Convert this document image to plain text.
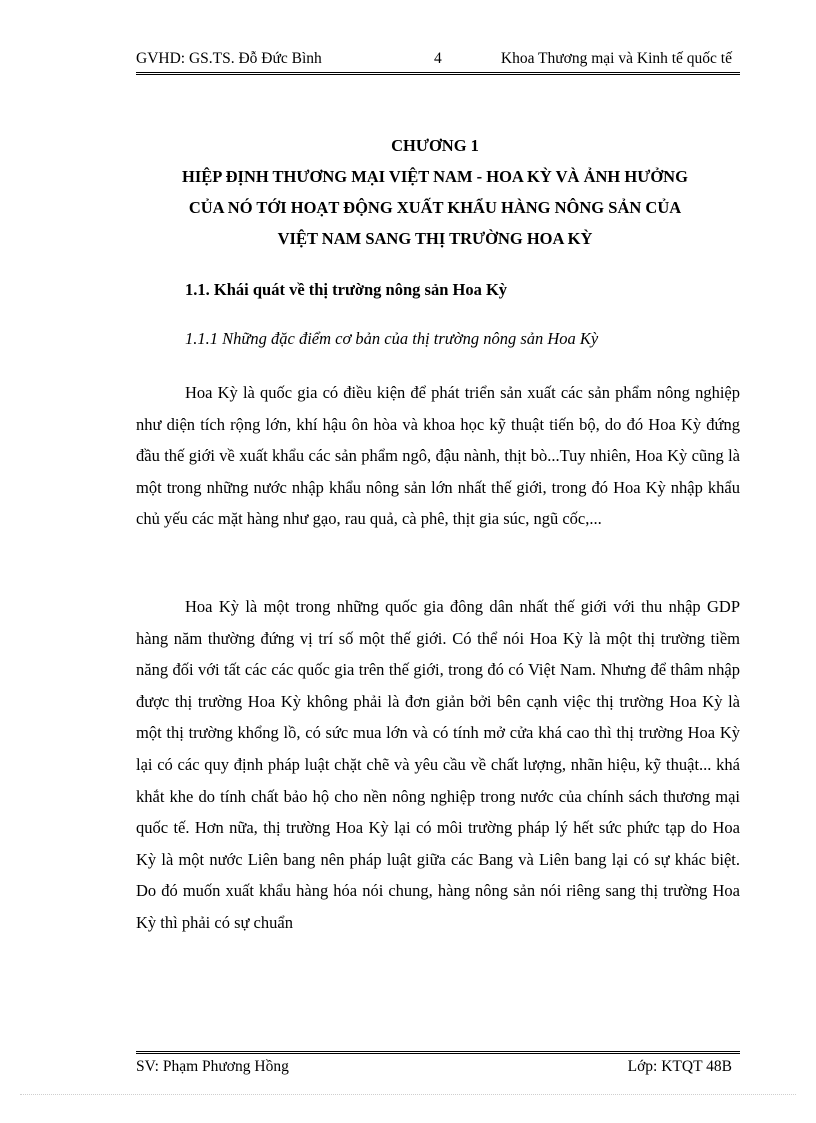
GVHD: GS.TS. Đỗ Đức Bình	4	Khoa Thương mại và Kinh tế quốc tế
CHƯƠNG 1
HIỆP ĐỊNH THƯƠNG MẠI VIỆT NAM - HOA KỲ VÀ ẢNH HƯỞNG
CỦA NÓ TỚI HOẠT ĐỘNG XUẤT KHẨU HÀNG NÔNG SẢN CỦA
VIỆT NAM SANG THỊ TRƯỜNG HOA KỲ
1.1. Khái quát về thị trường nông sản Hoa Kỳ
1.1.1 Những đặc điểm cơ bản của thị trường nông sản Hoa Kỳ

Hoa Kỳ là quốc gia có điều kiện để phát triển sản xuất các sản phẩm nông nghiệp như diện tích rộng lớn, khí hậu ôn hòa và khoa học kỹ thuật tiến bộ, do đó Hoa Kỳ đứng đầu thế giới về xuất khẩu các sản phẩm ngô, đậu nành, thịt bò...Tuy nhiên, Hoa Kỳ cũng là một trong những nước nhập khẩu nông sản lớn nhất thế giới, trong đó Hoa Kỳ nhập khẩu chủ yếu các mặt hàng như gạo, rau quả, cà phê, thịt gia súc, ngũ cốc,...

Hoa Kỳ là một trong những quốc gia đông dân nhất thế giới với thu nhập GDP hàng năm thường đứng vị trí số một thế giới. Có thể nói Hoa Kỳ là một thị trường tiềm năng đối với tất các các quốc gia trên thế giới, trong đó có Việt Nam. Nhưng để thâm nhập được thị trường Hoa Kỳ không phải là đơn giản bởi bên cạnh việc thị trường Hoa Kỳ là một thị trường khổng lồ, có sức mua lớn và có tính mở cửa khá cao thì thị trường Hoa Kỳ lại có các quy định pháp luật chặt chẽ và yêu cầu về chất lượng, nhãn hiệu, kỹ thuật... khá khắt khe do tính chất bảo hộ cho nền nông nghiệp trong nước của chính sách thương mại quốc tế. Hơn nữa, thị trường Hoa Kỳ lại có môi trường pháp lý hết sức phức tạp do Hoa Kỳ là một nước Liên bang nên pháp luật giữa các Bang và Liên bang lại có sự khác biệt. Do đó muốn xuất khẩu hàng hóa nói chung, hàng nông sản nói riêng sang thị trường Hoa Kỳ thì phải có sự chuẩn

SV: Phạm Phương Hồng	Lớp: KTQT 48B
